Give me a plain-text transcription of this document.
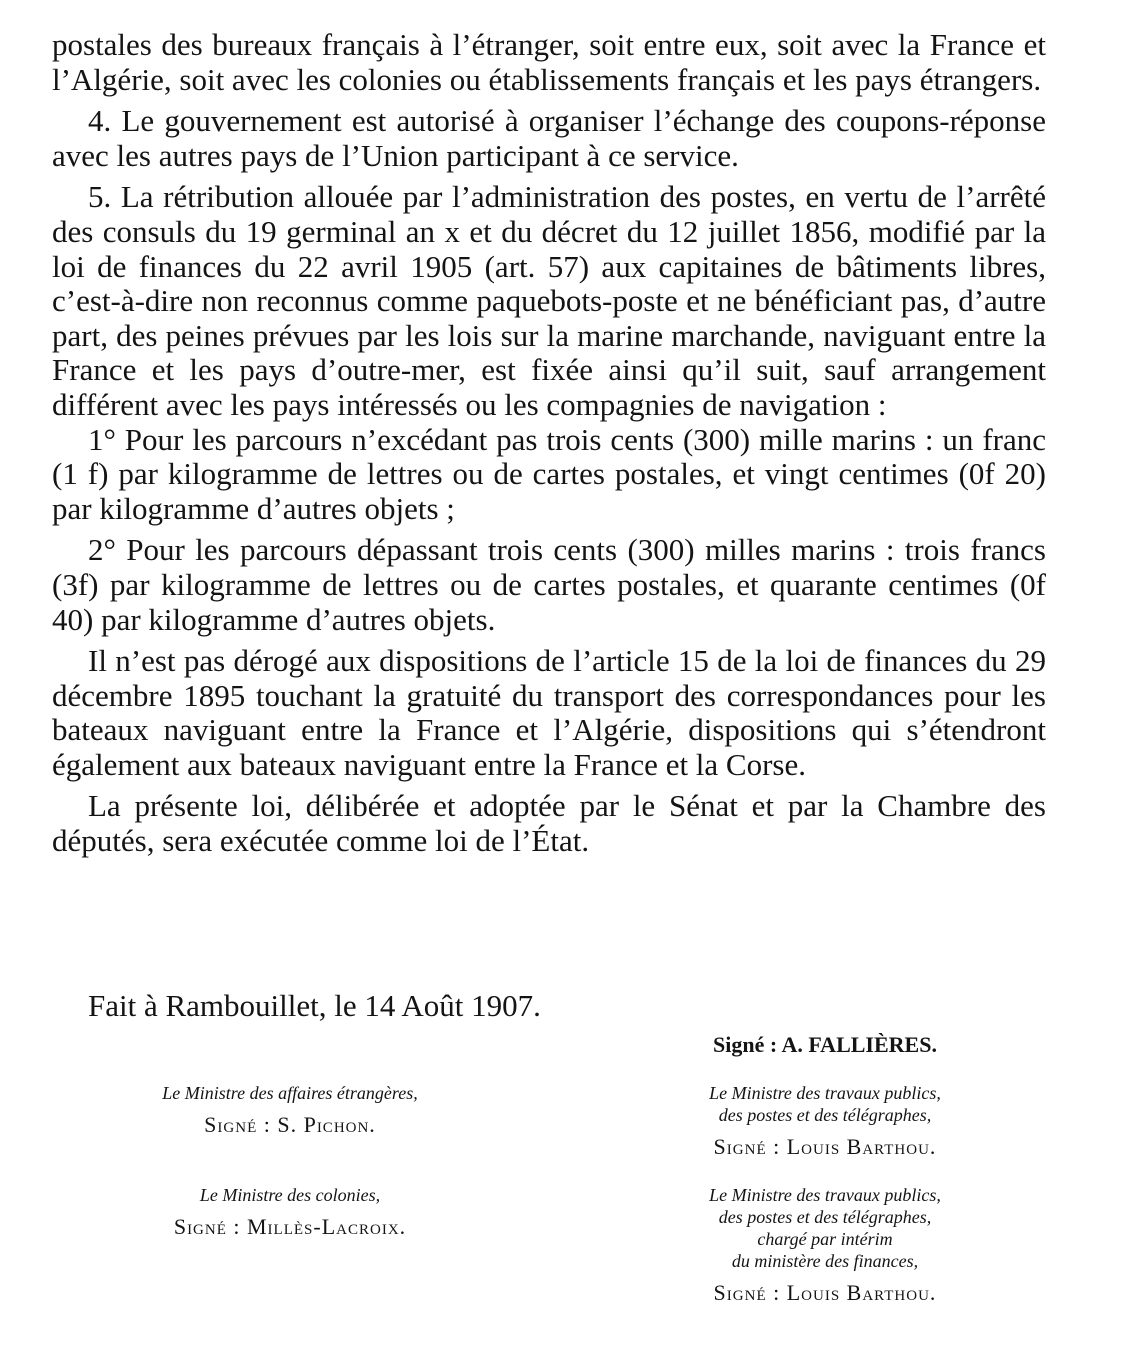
postales des bureaux français à l’étranger, soit entre eux, soit avec la France et l’Algérie, soit avec les colonies ou établissements français et les pays étrangers.

4. Le gouvernement est autorisé à organiser l’échange des coupons-réponse avec les autres pays de l’Union participant à ce service.

5. La rétribution allouée par l’administration des postes, en vertu de l’arrêté des consuls du 19 germinal an x et du décret du 12 juillet 1856, modifié par la loi de finances du 22 avril 1905 (art. 57) aux capitaines de bâtiments libres, c’est-à-dire non reconnus comme paquebots-poste et ne bénéficiant pas, d’autre part, des peines prévues par les lois sur la marine marchande, naviguant entre la France et les pays d’outre-mer, est fixée ainsi qu’il suit, sauf arrangement différent avec les pays intéressés ou les compagnies de navigation :

1° Pour les parcours n’excédant pas trois cents (300) mille marins : un franc (1 f) par kilogramme de lettres ou de cartes postales, et vingt centimes (0f 20) par kilogramme d’autres objets ;

2° Pour les parcours dépassant trois cents (300) milles marins : trois francs (3f) par kilogramme de lettres ou de cartes postales, et quarante centimes (0f 40) par kilogramme d’autres objets.

Il n’est pas dérogé aux dispositions de l’article 15 de la loi de finances du 29 décembre 1895 touchant la gratuité du transport des correspondances pour les bateaux naviguant entre la France et l’Algérie, dispositions qui s’étendront également aux bateaux naviguant entre la France et la Corse.

La présente loi, délibérée et adoptée par le Sénat et par la Chambre des députés, sera exécutée comme loi de l’État.

Fait à Rambouillet, le 14 Août 1907.
Signé : A. FALLIÈRES.
Le Ministre des affaires étrangères,
Signé : S. Pichon.
Le Ministre des colonies,
Signé : Millès-Lacroix.
Le Ministre des travaux publics,
des postes et des télégraphes,
Signé : Louis Barthou.
Le Ministre des travaux publics,
des postes et des télégraphes,
chargé par intérim
du ministère des finances,
Signé : Louis Barthou.
